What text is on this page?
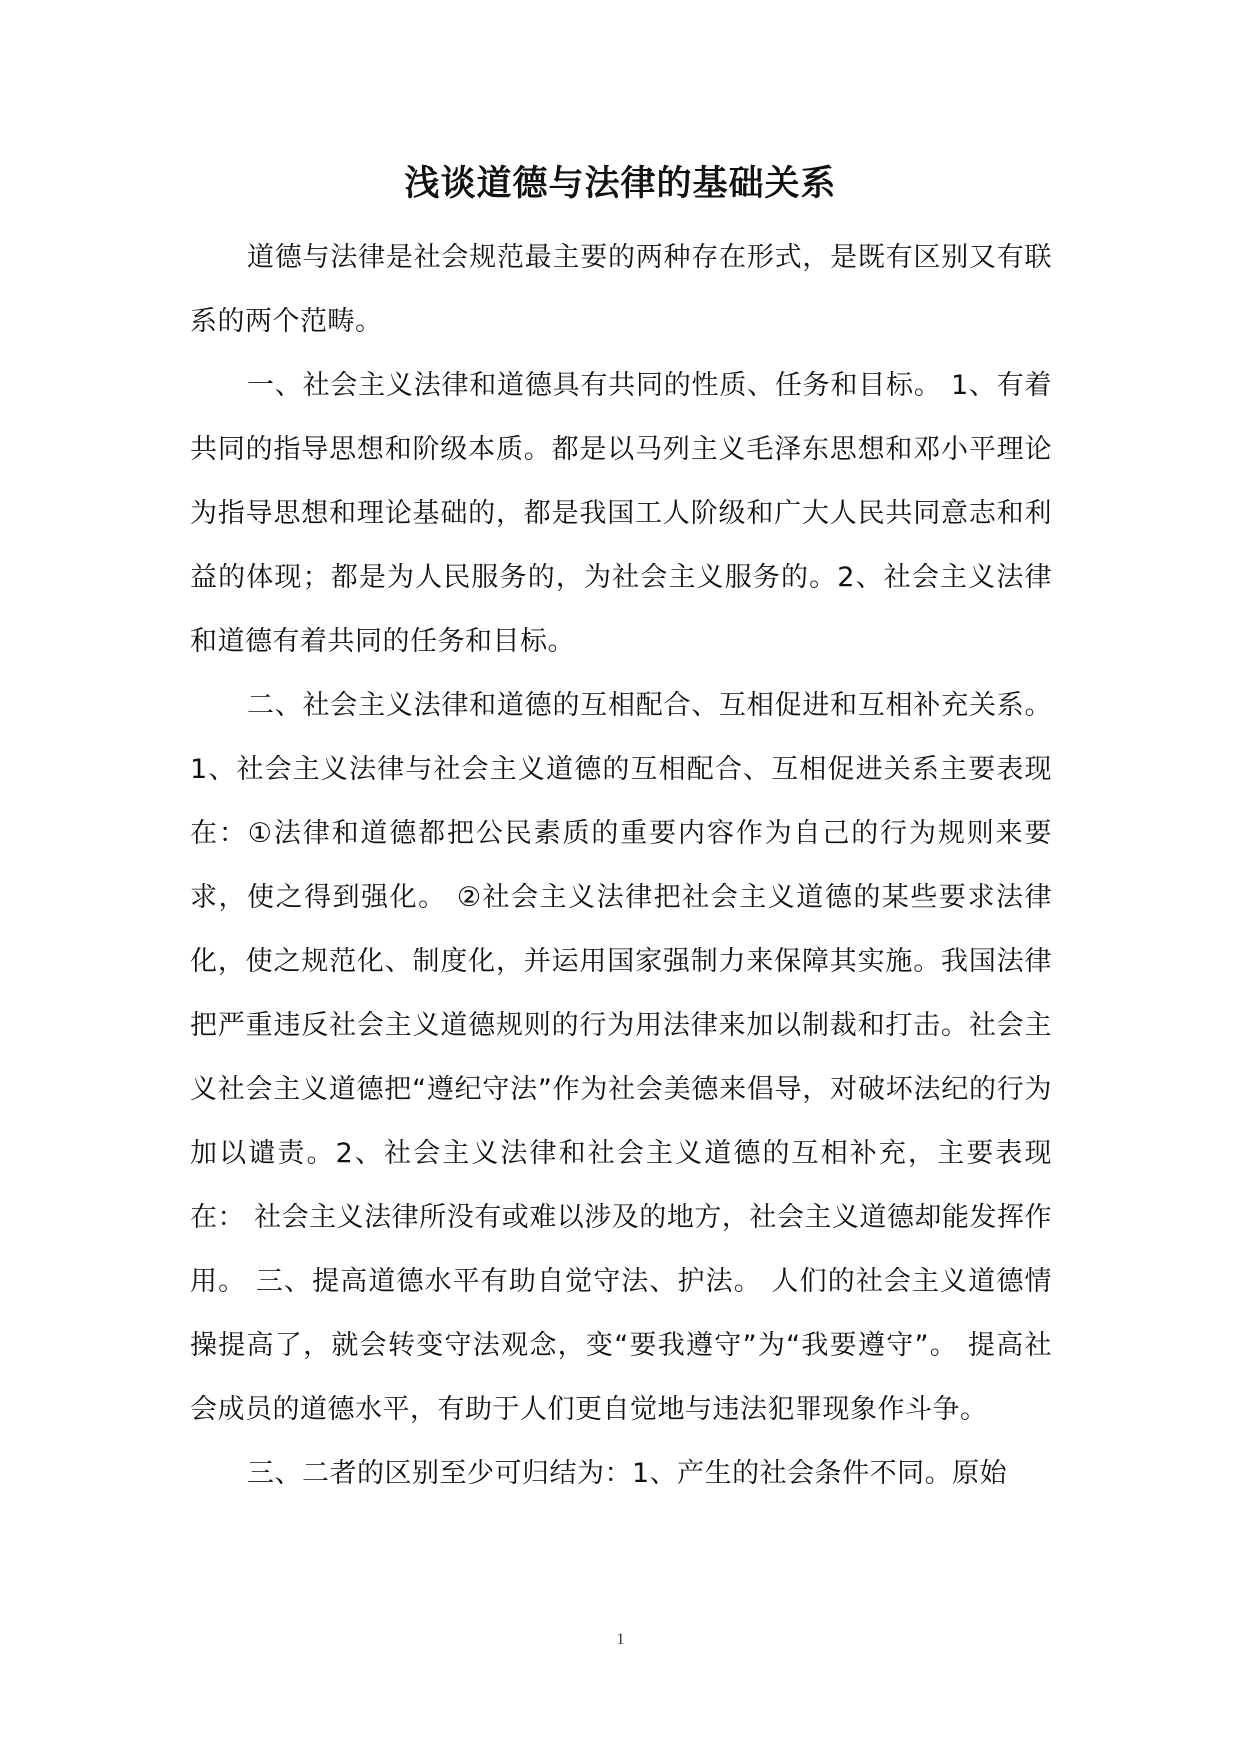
浅谈道德与法律的基础关系

道德与法律是社会规范最主要的两种存在形式，是既有区别又有联系的两个范畴。

一、社会主义法律和道德具有共同的性质、任务和目标。 1、有着共同的指导思想和阶级本质。都是以马列主义毛泽东思想和邓小平理论为指导思想和理论基础的，都是我国工人阶级和广大人民共同意志和利益的体现；都是为人民服务的，为社会主义服务的。2、社会主义法律和道德有着共同的任务和目标。

二、社会主义法律和道德的互相配合、互相促进和互相补充关系。1、社会主义法律与社会主义道德的互相配合、互相促进关系主要表现在：①法律和道德都把公民素质的重要内容作为自己的行为规则来要求，使之得到强化。 ②社会主义法律把社会主义道德的某些要求法律化，使之规范化、制度化，并运用国家强制力来保障其实施。我国法律把严重违反社会主义道德规则的行为用法律来加以制裁和打击。社会主义社会主义道德把“遵纪守法”作为社会美德来倡导，对破坏法纪的行为加以谴责。2、社会主义法律和社会主义道德的互相补充，主要表现在： 社会主义法律所没有或难以涉及的地方，社会主义道德却能发挥作用。 三、提高道德水平有助自觉守法、护法。 人们的社会主义道德情操提高了，就会转变守法观念，变“要我遵守”为“我要遵守”。 提高社会成员的道德水平，有助于人们更自觉地与违法犯罪现象作斗争。

三、二者的区别至少可归结为：1、产生的社会条件不同。原始

1
